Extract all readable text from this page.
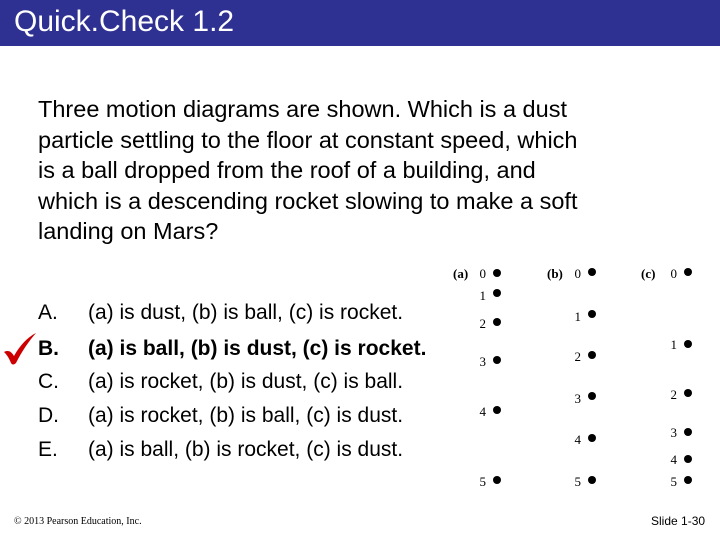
Quick.Check 1.2
Three motion diagrams are shown. Which is a dust
particle settling to the floor at constant speed, which
is a ball dropped from the roof of a building, and
which is a descending rocket slowing to make a soft
landing on Mars?
A. (a) is dust, (b) is ball, (c) is rocket.
B. (a) is ball, (b) is dust, (c) is rocket.
C. (a) is rocket, (b) is dust, (c) is ball.
D. (a) is rocket, (b) is ball, (c) is dust.
E. (a) is ball, (b) is rocket, (c) is dust.
(a) 0
1
2
3
4
5
(b) 0
1
2
3
4
5
(c) 0
1
2
3
4
5
© 2013 Pearson Education, Inc.	Slide 1-30
